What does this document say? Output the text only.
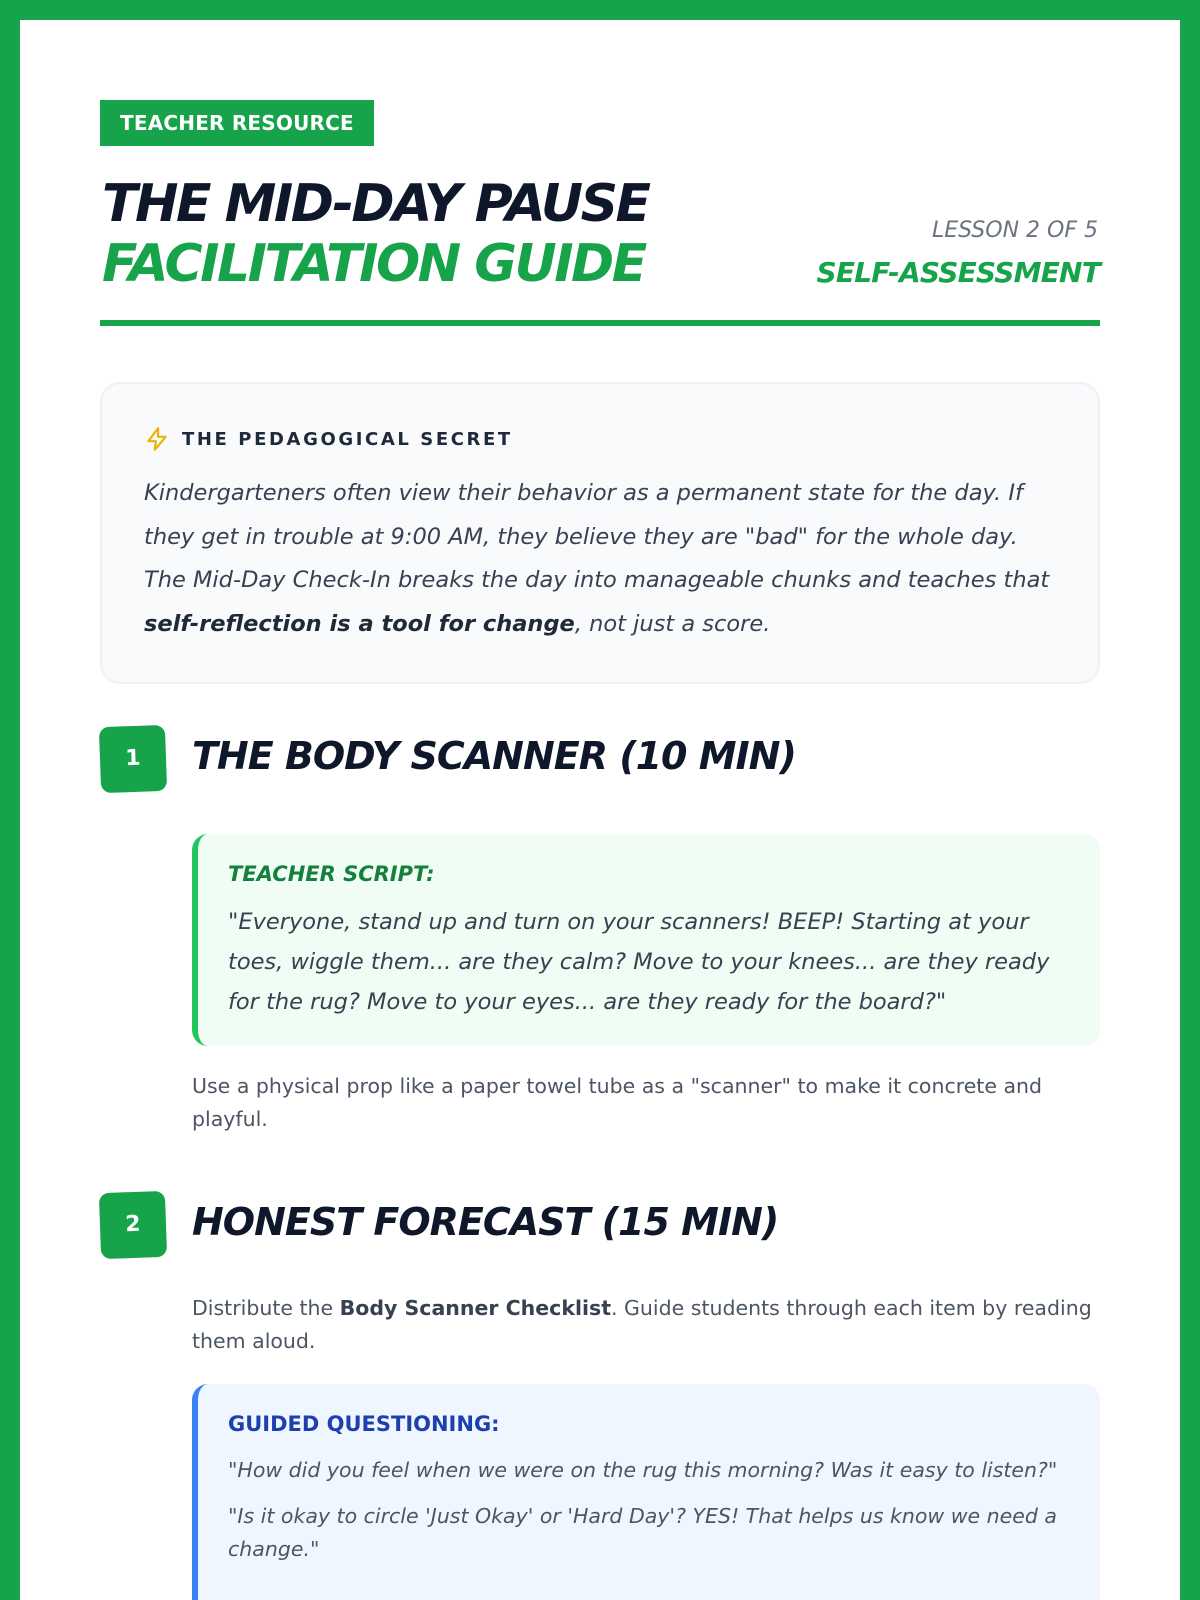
TEACHER RESOURCE
THE MID-DAY PAUSE
FACILITATION GUIDE
LESSON 2 OF 5
SELF-ASSESSMENT
THE PEDAGOGICAL SECRET
Kindergarteners often view their behavior as a permanent state for the day. If they get in trouble at 9:00 AM, they believe they are "bad" for the whole day. The Mid-Day Check-In breaks the day into manageable chunks and teaches that self-reflection is a tool for change, not just a score.
1	THE BODY SCANNER (10 MIN)
TEACHER SCRIPT:
"Everyone, stand up and turn on your scanners! BEEP! Starting at your toes, wiggle them... are they calm? Move to your knees... are they ready for the rug? Move to your eyes... are they ready for the board?"
Use a physical prop like a paper towel tube as a "scanner" to make it concrete and playful.
2	HONEST FORECAST (15 MIN)
Distribute the Body Scanner Checklist. Guide students through each item by reading them aloud.
GUIDED QUESTIONING:
"How did you feel when we were on the rug this morning? Was it easy to listen?"
"Is it okay to circle 'Just Okay' or 'Hard Day'? YES! That helps us know we need a change."
